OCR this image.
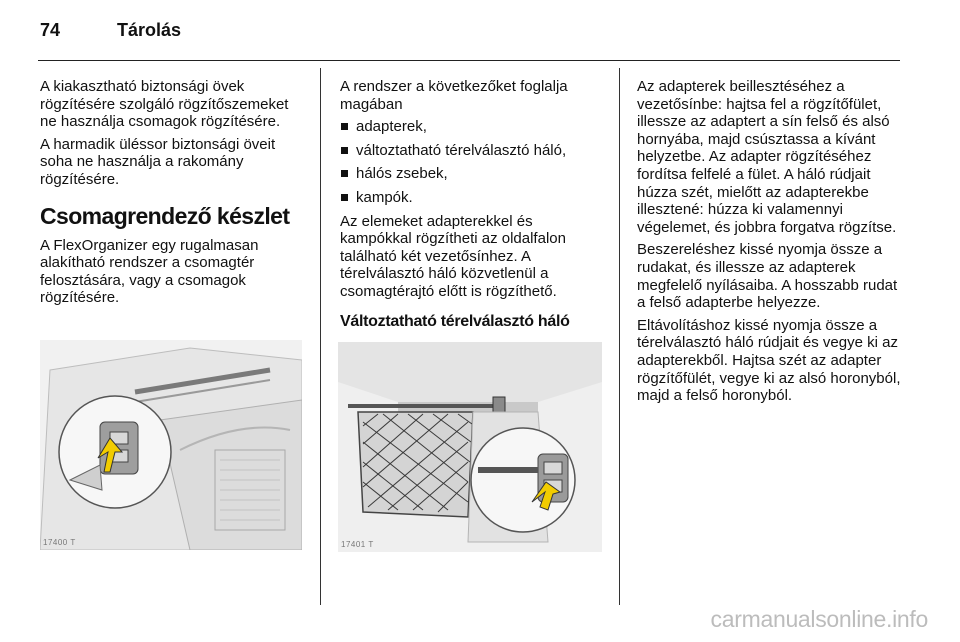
74	Tárolás

A kiakasztható biztonsági övek rögzítésére szolgáló rögzítőszemeket ne használja csomagok rögzítésére.

A harmadik üléssor biztonsági öveit soha ne használja a rakomány rögzítésére.

Csomagrendező készlet

A FlexOrganizer egy rugalmasan alakítható rendszer a csomagtér felosztására, vagy a csomagok rögzítésére.

17400 T

A rendszer a következőket foglalja magában

adapterek,
változtatható térelválasztó háló,
hálós zsebek,
kampók.

Az elemeket adapterekkel és kampókkal rögzítheti az oldalfalon található két vezetősínhez. A térelválasztó háló közvetlenül a csomagtérajtó előtt is rögzíthető.

Változtatható térelválasztó háló
17401 T

Az adapterek beillesztéséhez a vezetősínbe: hajtsa fel a rögzítőfület, illessze az adaptert a sín felső és alsó hornyába, majd csúsztassa a kívánt helyzetbe. Az adapter rögzítéséhez fordítsa felfelé a fület. A háló rúdjait húzza szét, mielőtt az adapterekbe illesztené: húzza ki valamennyi végelemet, és jobbra forgatva rögzítse.

Beszereléshez kissé nyomja össze a rudakat, és illessze az adapterek megfelelő nyílásaiba. A hosszabb rudat a felső adapterbe helyezze.

Eltávolításhoz kissé nyomja össze a térelválasztó háló rúdjait és vegye ki az adapterekből. Hajtsa szét az adapter rögzítőfülét, vegye ki az alsó horonyból, majd a felső horonyból.

carmanualsonline.info
